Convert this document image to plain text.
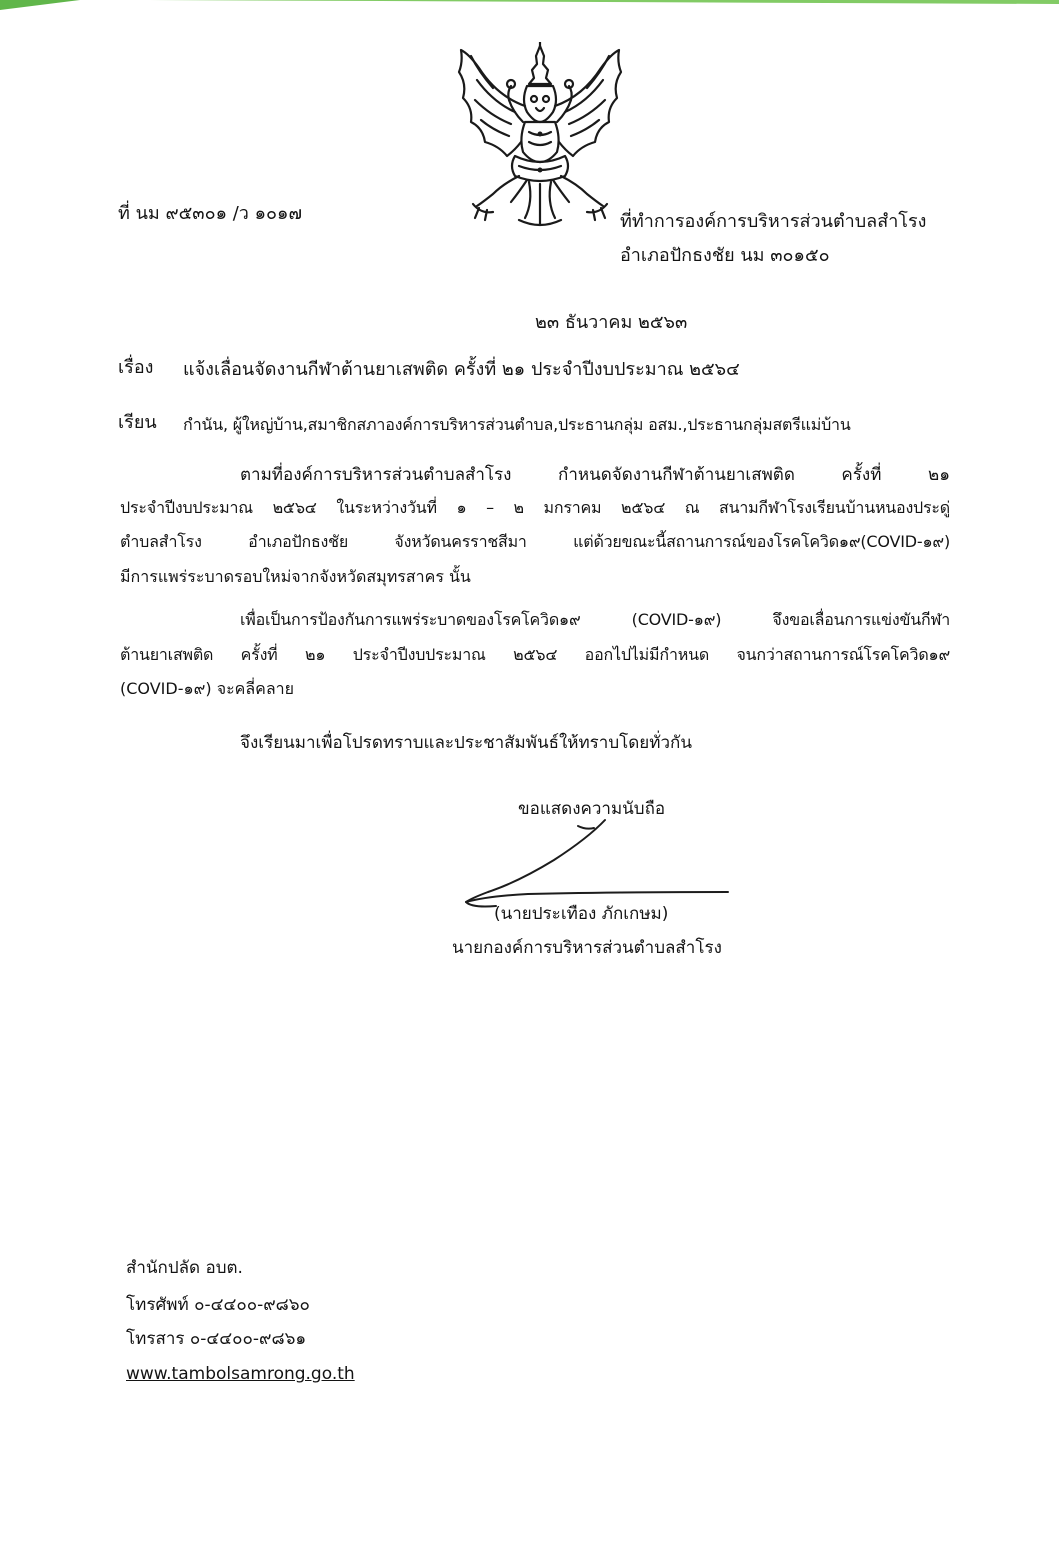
ที่ นม ๙๕๓๐๑ /ว ๑๐๑๗	ที่ทำการองค์การบริหารส่วนตำบลสำโรง
อำเภอปักธงชัย นม ๓๐๑๕๐
๒๓ ธันวาคม ๒๕๖๓
เรื่อง แจ้งเลื่อนจัดงานกีฬาต้านยาเสพติด ครั้งที่ ๒๑ ประจำปีงบประมาณ ๒๕๖๔
เรียน กำนัน, ผู้ใหญ่บ้าน,สมาชิกสภาองค์การบริหารส่วนตำบล,ประธานกลุ่ม อสม.,ประธานกลุ่มสตรีแม่บ้าน
ตามที่องค์การบริหารส่วนตำบลสำโรง กำหนดจัดงานกีฬาต้านยาเสพติด ครั้งที่ ๒๑
ประจำปีงบประมาณ ๒๕๖๔ ในระหว่างวันที่ ๑ – ๒ มกราคม ๒๕๖๔ ณ สนามกีฬาโรงเรียนบ้านหนองประดู่
ตำบลสำโรง อำเภอปักธงชัย จังหวัดนครราชสีมา แต่ด้วยขณะนี้สถานการณ์ของโรคโควิด๑๙(COVID-๑๙)
มีการแพร่ระบาดรอบใหม่จากจังหวัดสมุทรสาคร นั้น
เพื่อเป็นการป้องกันการแพร่ระบาดของโรคโควิด๑๙ (COVID-๑๙) จึงขอเลื่อนการแข่งขันกีฬา
ต้านยาเสพติด ครั้งที่ ๒๑ ประจำปีงบประมาณ ๒๕๖๔ ออกไปไม่มีกำหนด จนกว่าสถานการณ์โรคโควิด๑๙
(COVID-๑๙) จะคลี่คลาย
จึงเรียนมาเพื่อโปรดทราบและประชาสัมพันธ์ให้ทราบโดยทั่วกัน
ขอแสดงความนับถือ
(นายประเทือง ภักเกษม)
นายกองค์การบริหารส่วนตำบลสำโรง
สำนักปลัด อบต.
โทรศัพท์ ๐-๔๔๐๐-๙๘๖๐
โทรสาร ๐-๔๔๐๐-๙๘๖๑
www.tambolsamrong.go.th
